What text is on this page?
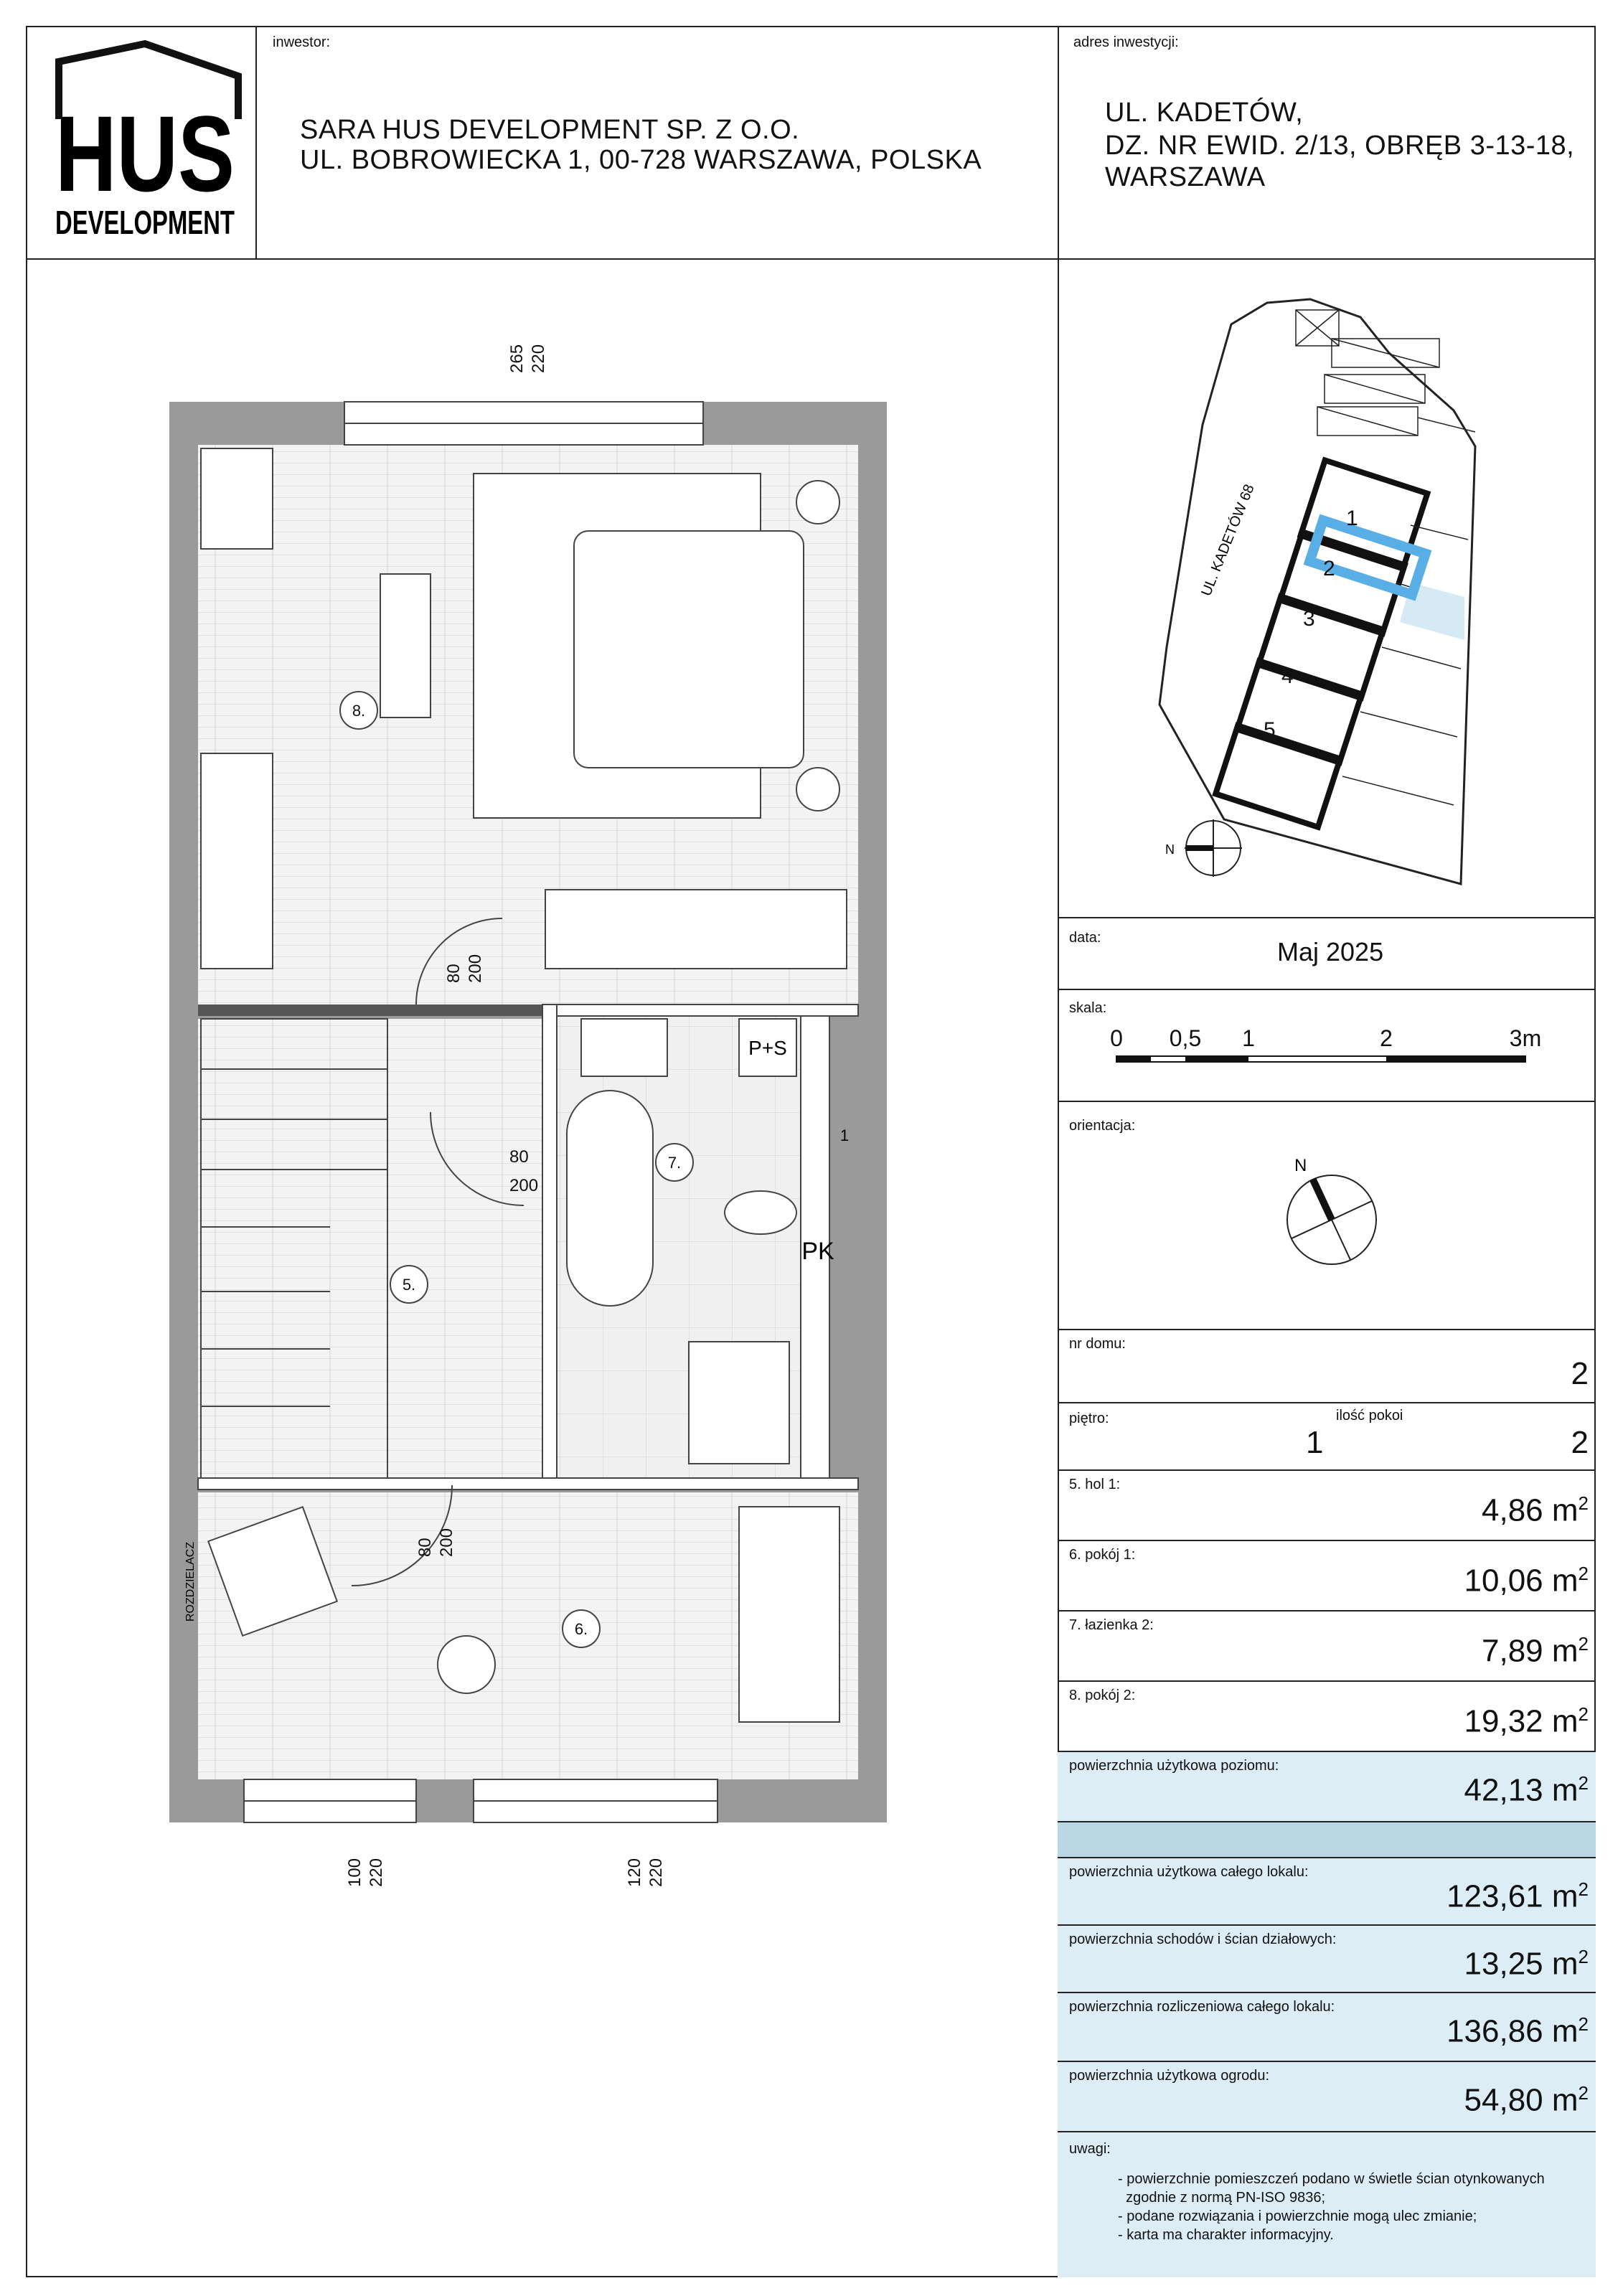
HUS
DEVELOPMENT
inwestor:
SARA HUS DEVELOPMENT SP. Z O.O.
UL. BOBROWIECKA 1, 00-728 WARSZAWA, POLSKA
adres inwestycji:
UL. KADETÓW,
DZ. NR EWID. 2/13, OBRĘB 3-13-18,
WARSZAWA
1
2
3
4
5
UL. KADETÓW 68
N
data:	Maj 2025
skala:
0 0,5 1	2	3m
orientacja:
N
nr domu:
2
piętro:	ilość pokoi
1	2
5. hol 1:
4,86 $m^2$
6. pokój 1:
10,06 $m^2$
7. łazienka 2:
7,89 $m^2$
8. pokój 2:
19,32 $m^2$
powierzchnia użytkowa poziomu:
42,13 $m^2$
powierzchnia użytkowa całego lokalu:
123,61 $m^2$
powierzchnia schodów i ścian działowych:
13,25 $m^2$
powierzchnia rozliczeniowa całego lokalu:
136,86 $m^2$
powierzchnia użytkowa ogrodu:
54,80 $m^2$
uwagi:
- powierzchnie pomieszczeń podano w świetle ścian otynkowanych
zgodnie z normą PN-ISO 9836;
- podane rozwiązania i powierzchnie mogą ulec zmianie;
- karta ma charakter informacyjny.
8.
7.
5.
6.
265 220
100 220	120 220
80 200
80
200
80 200
P+S
PK
1
ROZDZIELACZ
